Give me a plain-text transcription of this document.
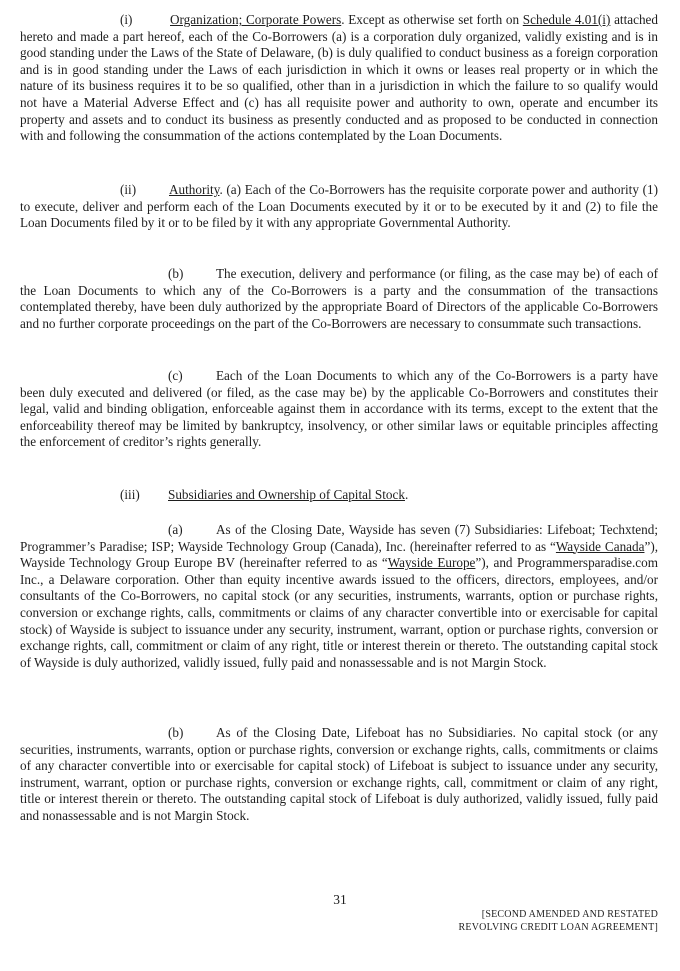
(i)	Organization; Corporate Powers. Except as otherwise set forth on Schedule 4.01(i) attached hereto and made a part hereof, each of the Co-Borrowers (a) is a corporation duly organized, validly existing and is in good standing under the Laws of the State of Delaware, (b) is duly qualified to conduct business as a foreign corporation and is in good standing under the Laws of each jurisdiction in which it owns or leases real property or in which the nature of its business requires it to be so qualified, other than in a jurisdiction in which the failure to so qualify would not have a Material Adverse Effect and (c) has all requisite power and authority to own, operate and encumber its property and assets and to conduct its business as presently conducted and as proposed to be conducted in connection with and following the consummation of the actions contemplated by the Loan Documents.

(ii) Authority. (a) Each of the Co-Borrowers has the requisite corporate power and authority (1) to execute, deliver and perform each of the Loan Documents executed by it or to be executed by it and (2) to file the Loan Documents filed by it or to be filed by it with any appropriate Governmental Authority.

(b) The execution, delivery and performance (or filing, as the case may be) of each of the Loan Documents to which any of the Co-Borrowers is a party and the consummation of the transactions contemplated thereby, have been duly authorized by the appropriate Board of Directors of the applicable Co-Borrowers and no further corporate proceedings on the part of the Co-Borrowers are necessary to consummate such transactions.

(c)	Each of the Loan Documents to which any of the Co-Borrowers is a party have been duly executed and delivered (or filed, as the case may be) by the applicable Co-Borrowers and constitutes their legal, valid and binding obligation, enforceable against them in accordance with its terms, except to the extent that the enforceability thereof may be limited by bankruptcy, insolvency, or other similar laws or equitable principles affecting the enforcement of creditor’s rights generally.

(iii) Subsidiaries and Ownership of Capital Stock.

(a)	As of the Closing Date, Wayside has seven (7) Subsidiaries: Lifeboat; Techxtend; Programmer’s Paradise; ISP; Wayside Technology Group (Canada), Inc. (hereinafter referred to as “Wayside Canada”), Wayside Technology Group Europe BV (hereinafter referred to as “Wayside Europe”), and Programmersparadise.com Inc., a Delaware corporation. Other than equity incentive awards issued to the officers, directors, employees, and/or consultants of the Co-Borrowers, no capital stock (or any securities, instruments, warrants, option or purchase rights, conversion or exchange rights, calls, commitments or claims of any character convertible into or exercisable for capital stock) of Wayside is subject to issuance under any security, instrument, warrant, option or purchase rights, conversion or exchange rights, call, commitment or claim of any right, title or interest therein or thereto. The outstanding capital stock of Wayside is duly authorized, validly issued, fully paid and nonassessable and is not Margin Stock.

(b) As of the Closing Date, Lifeboat has no Subsidiaries. No capital stock (or any securities, instruments, warrants, option or purchase rights, conversion or exchange rights, calls, commitments or claims of any character convertible into or exercisable for capital stock) of Lifeboat is subject to issuance under any security, instrument, warrant, option or purchase rights, conversion or exchange rights, call, commitment or claim of any right, title or interest therein or thereto. The outstanding capital stock of Lifeboat is duly authorized, validly issued, fully paid and nonassessable and is not Margin Stock.

31
[SECOND AMENDED AND RESTATED
REVOLVING CREDIT LOAN AGREEMENT]
